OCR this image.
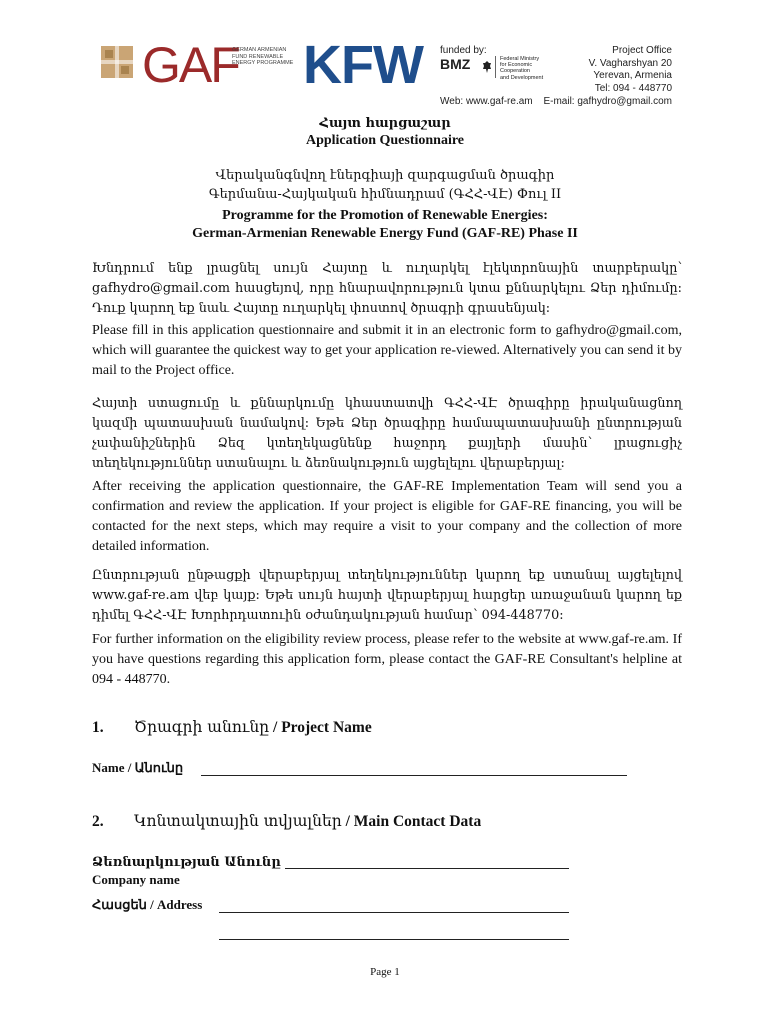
GAF
GERMAN ARMENIAN FUND RENEWABLE ENERGY PROGRAMME KFW funded by:
BMZ	Federal Ministry
for Economic Cooperation
and Development
Project Office
V. Vagharshyan 20
Yerevan, Armenia
Tel: 094 - 448770
Web: www.gaf-re.am E-mail: gafhydro@gmail.com
Հայտ հարցաշար
Application Questionnaire
Վերականգնվող էներգիայի զարգացման ծրագիր
Գերմանա-Հայկական հիմնադրամ (ԳՀՀ-ՎԷ) Փուլ II
Programme for the Promotion of Renewable Energies:
German-Armenian Renewable Energy Fund (GAF-RE) Phase II
Խնդրում ենք լրացնել սույն Հայտը և ուղարկել էլեկտրոնային տարբերակը՝ gafhydro@gmail.com հասցեյով, որը հնարավորություն կտա քննարկելու Ձեր դիմումը: Դուք կարող եք նաև Հայտը ուղարկել փոստով ծրագրի գրասենյակ:
Please fill in this application questionnaire and submit it in an electronic form to gafhydro@gmail.com, which will guarantee the quickest way to get your application re-viewed. Alternatively you can send it by mail to the Project office.
Հայտի ստացումը և քննարկումը կհաստատվի ԳՀՀ-ՎԷ ծրագիրը իրականացնող կազմի պատասխան նամակով: Եթե Ձեր ծրագիրը համապատասխանի ընտրության չափանիշներին Ձեզ կտեղեկացնենք հաջորդ քայլերի մասին՝ լրացուցիչ տեղեկություններ ստանալու և ձեռնակություն այցելելու վերաբերյալ:
After receiving the application questionnaire, the GAF-RE Implementation Team will send you a confirmation and review the application. If your project is eligible for GAF-RE financing, you will be contacted for the next steps, which may require a visit to your company and the collection of more detailed information.
Ընտրության ընթացքի վերաբերյալ տեղեկություններ կարող եք ստանալ այցելելով www.gaf-re.am վեբ կայք: Եթե սույն հայտի վերաբերյալ հարցեր առաջանան կարող եք դիմել ԳՀՀ-ՎԷ Խորհրդատուին օժանդակության համար՝ 094-448770:
For further information on the eligibility review process, please refer to the website at www.gaf-re.am. If you have questions regarding this application form, please contact the GAF-RE Consultant's helpline at 094 - 448770.
1. Ծրագրի անունը / Project Name
Name / Անունը
2. Կոնտակտային տվյալներ / Main Contact Data
Ձեռնարկության Անունը
Company name
Հասցեն / Address
Page 1
